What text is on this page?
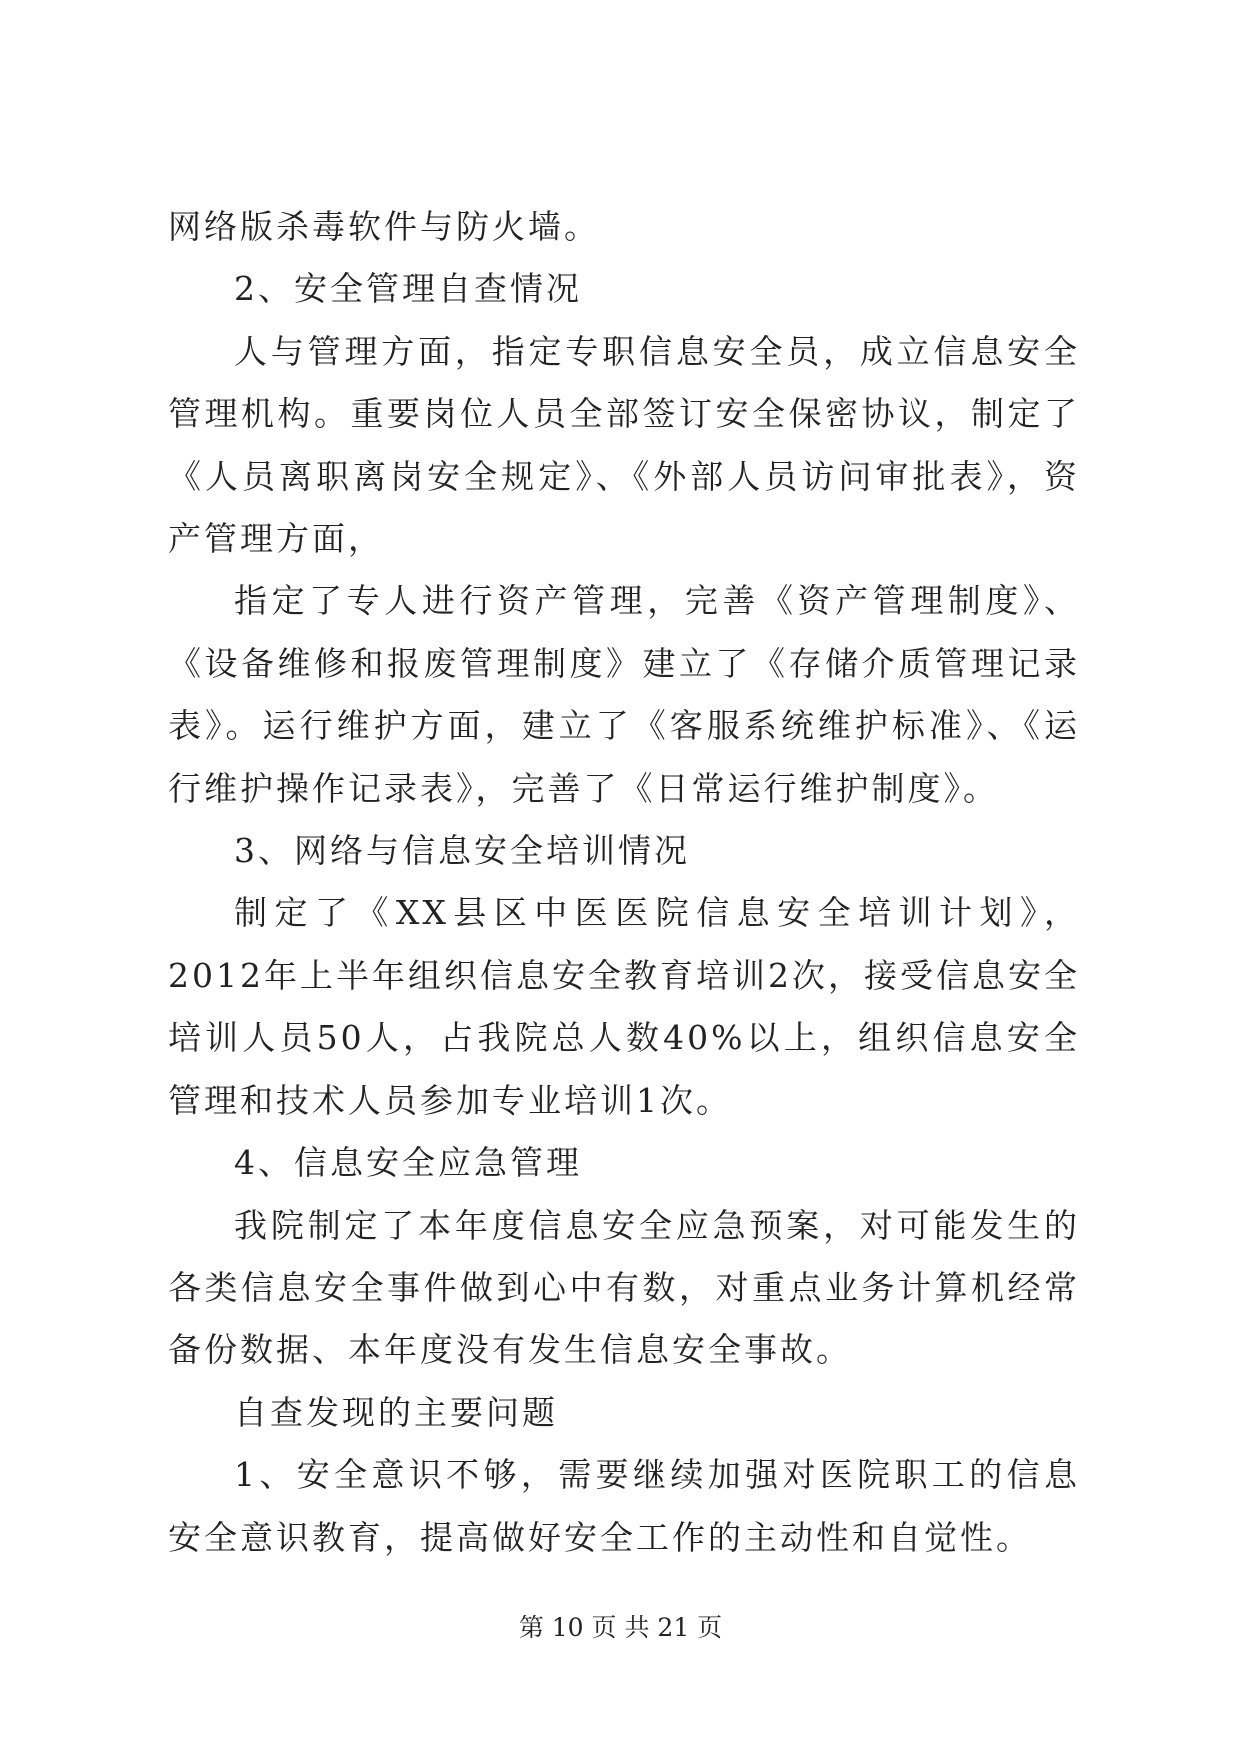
网络版杀毒软件与防火墙。

2、安全管理自查情况

人与管理方面，指定专职信息安全员，成立信息安全管理机构。重要岗位人员全部签订安全保密协议，制定了《人员离职离岗安全规定》、《外部人员访问审批表》，资产管理方面，

指定了专人进行资产管理，完善《资产管理制度》、《设备维修和报废管理制度》建立了《存储介质管理记录表》。运行维护方面，建立了《客服系统维护标准》、《运行维护操作记录表》，完善了《日常运行维护制度》。

3、网络与信息安全培训情况

制定了《XX县区中医医院信息安全培训计划》，2012年上半年组织信息安全教育培训2次，接受信息安全培训人员50人，占我院总人数40%以上，组织信息安全管理和技术人员参加专业培训1次。

4、信息安全应急管理

我院制定了本年度信息安全应急预案，对可能发生的各类信息安全事件做到心中有数，对重点业务计算机经常备份数据、本年度没有发生信息安全事故。

自查发现的主要问题

1、安全意识不够，需要继续加强对医院职工的信息安全意识教育，提高做好安全工作的主动性和自觉性。

第 10 页 共 21 页
